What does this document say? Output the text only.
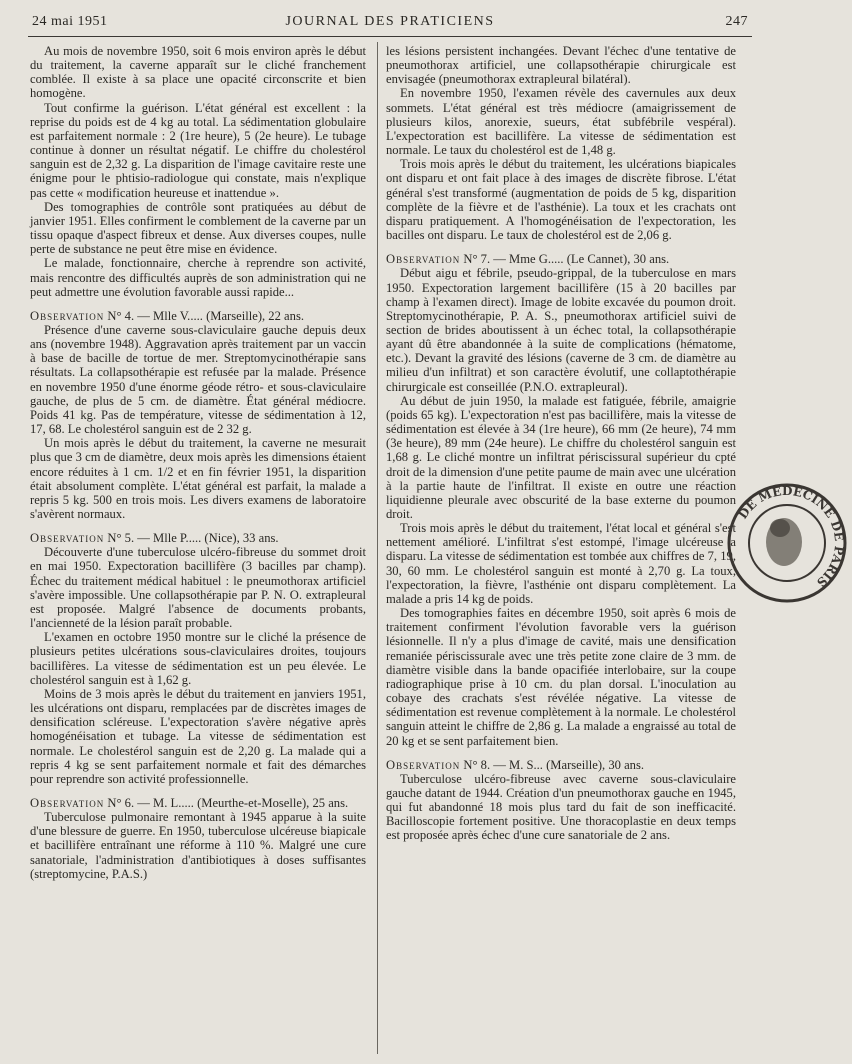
24 mai 1951	JOURNAL DES PRATICIENS	247

Au mois de novembre 1950, soit 6 mois environ après le début du traitement, la caverne apparaît sur le cliché franchement comblée. Il existe à sa place une opacité circonscrite et bien homogène.

Tout confirme la guérison. L'état général est excellent : la reprise du poids est de 4 kg au total. La sédimentation globulaire est parfaitement normale : 2 (1re heure), 5 (2e heure). Le tubage continue à donner un résultat négatif. Le chiffre du cholestérol sanguin est de 2,32 g. La disparition de l'image cavitaire reste une énigme pour le phtisio-radiologue qui constate, mais n'explique pas cette « modification heureuse et inattendue ».

Des tomographies de contrôle sont pratiquées au début de janvier 1951. Elles confirment le comblement de la caverne par un tissu opaque d'aspect fibreux et dense. Aux diverses coupes, nulle perte de substance ne peut être mise en évidence.

Le malade, fonctionnaire, cherche à reprendre son activité, mais rencontre des difficultés auprès de son administration qui ne peut admettre une évolution favorable aussi rapide...

Observation N° 4. — Mlle V..... (Marseille), 22 ans.

Présence d'une caverne sous-claviculaire gauche depuis deux ans (novembre 1948). Aggravation après traitement par un vaccin à base de bacille de tortue de mer. Streptomycinothérapie sans résultats. La collapsothérapie est refusée par la malade. Présence en novembre 1950 d'une énorme géode rétro- et sous-claviculaire gauche, de plus de 5 cm. de diamètre. État général médiocre. Poids 41 kg. Pas de température, vitesse de sédimentation à 12, 17, 68. Le cholestérol sanguin est de 2 32 g.

Un mois après le début du traitement, la caverne ne mesurait plus que 3 cm de diamètre, deux mois après les dimensions étaient encore réduites à 1 cm. 1/2 et en fin février 1951, la disparition était absolument complète. L'état général est parfait, la malade a repris 5 kg. 500 en trois mois. Les divers examens de laboratoire s'avèrent normaux.

Observation N° 5. — Mlle P..... (Nice), 33 ans.

Découverte d'une tuberculose ulcéro-fibreuse du sommet droit en mai 1950. Expectoration bacillifère (3 bacilles par champ). Échec du traitement médical habituel : le pneumothorax artificiel s'avère impossible. Une collapsothérapie par P. N. O. extrapleural est proposée. Malgré l'absence de documents probants, l'ancienneté de la lésion paraît probable.

L'examen en octobre 1950 montre sur le cliché la présence de plusieurs petites ulcérations sous-claviculaires droites, toujours bacillifères. La vitesse de sédimentation est un peu élevée. Le cholestérol sanguin est à 1,62 g.

Moins de 3 mois après le début du traitement en janviers 1951, les ulcérations ont disparu, remplacées par de discrètes images de densification scléreuse. L'expectoration s'avère négative après homogénéisation et tubage. La vitesse de sédimentation est normale. Le cholestérol sanguin est de 2,20 g. La malade qui a repris 4 kg se sent parfaitement normale et fait des démarches pour reprendre son activité professionnelle.

Observation N° 6. — M. L..... (Meurthe-et-Moselle), 25 ans.

Tuberculose pulmonaire remontant à 1945 apparue à la suite d'une blessure de guerre. En 1950, tuberculose ulcéreuse biapicale et bacillifère entraînant une réforme à 110 %. Malgré une cure sanatoriale, l'administration d'antibiotiques à doses suffisantes (streptomycine, P.A.S.)

les lésions persistent inchangées. Devant l'échec d'une tentative de pneumothorax artificiel, une collapsothérapie chirurgicale est envisagée (pneumothorax extrapleural bilatéral).

En novembre 1950, l'examen révèle des cavernules aux deux sommets. L'état général est très médiocre (amaigrissement de plusieurs kilos, anorexie, sueurs, état subfébrile vespéral). L'expectoration est bacillifère. La vitesse de sédimentation est normale. Le taux du cholestérol est de 1,48 g.

Trois mois après le début du traitement, les ulcérations biapicales ont disparu et ont fait place à des images de discrète fibrose. L'état général s'est transformé (augmentation de poids de 5 kg, disparition complète de la fièvre et de l'asthénie). La toux et les crachats ont disparu pratiquement. A l'homogénéisation de l'expectoration, les bacilles ont disparu. Le taux de cholestérol est de 2,06 g.

Observation N° 7. — Mme G..... (Le Cannet), 30 ans.

Début aigu et fébrile, pseudo-grippal, de la tuberculose en mars 1950. Expectoration largement bacillifère (15 à 20 bacilles par champ à l'examen direct). Image de lobite excavée du poumon droit. Streptomycinothérapie, P. A. S., pneumothorax artificiel suivi de section de brides aboutissent à un échec total, la collapsothérapie ayant dû être abandonnée à la suite de complications (hématome, etc.). Devant la gravité des lésions (caverne de 3 cm. de diamètre au milieu d'un infiltrat) et son caractère évolutif, une collaptothérapie chirurgicale est conseillée (P.N.O. extrapleural).

Au début de juin 1950, la malade est fatiguée, fébrile, amaigrie (poids 65 kg). L'expectoration n'est pas bacillifère, mais la vitesse de sédimentation est élevée à 34 (1re heure), 66 mm (2e heure), 74 mm (3e heure), 89 mm (24e heure). Le chiffre du cholestérol sanguin est 1,68 g. Le cliché montre un infiltrat périscissural supérieur du cpté droit de la dimension d'une petite paume de main avec une ulcération à la partie haute de l'infiltrat. Il existe en outre une réaction liquidienne pleurale avec obscurité de la base externe du poumon droit.

Trois mois après le début du traitement, l'état local et général s'est nettement amélioré. L'infiltrat s'est estompé, l'image ulcéreuse a disparu. La vitesse de sédimentation est tombée aux chiffres de 7, 19, 30, 60 mm. Le cholestérol sanguin est monté à 2,70 g. La toux, l'expectoration, la fièvre, l'asthénie ont disparu complètement. La malade a pris 14 kg de poids.

Des tomographies faites en décembre 1950, soit après 6 mois de traitement confirment l'évolution favorable vers la guérison lésionnelle. Il n'y a plus d'image de cavité, mais une densification remaniée périscissurale avec une très petite zone claire de 3 mm. de diamètre visible dans la bande opacifiée interlobaire, sur la coupe radiographique prise à 10 cm. du plan dorsal. L'inoculation au cobaye des crachats s'est révélée négative. La vitesse de sédimentation est revenue complètement à la normale. Le cholestérol sanguin atteint le chiffre de 2,86 g. La malade a engraissé au total de 20 kg et se sent parfaitement bien.

Observation N° 8. — M. S... (Marseille), 30 ans.

Tuberculose ulcéro-fibreuse avec caverne sous-claviculaire gauche datant de 1944. Création d'un pneumothorax gauche en 1945, qui fut abandonné 18 mois plus tard du fait de son inefficacité. Bacilloscopie fortement positive. Une thoracoplastie en deux temps est proposée après échec d'une cure sanatoriale de 2 ans.

DE MÉDECINE DE PARIS
